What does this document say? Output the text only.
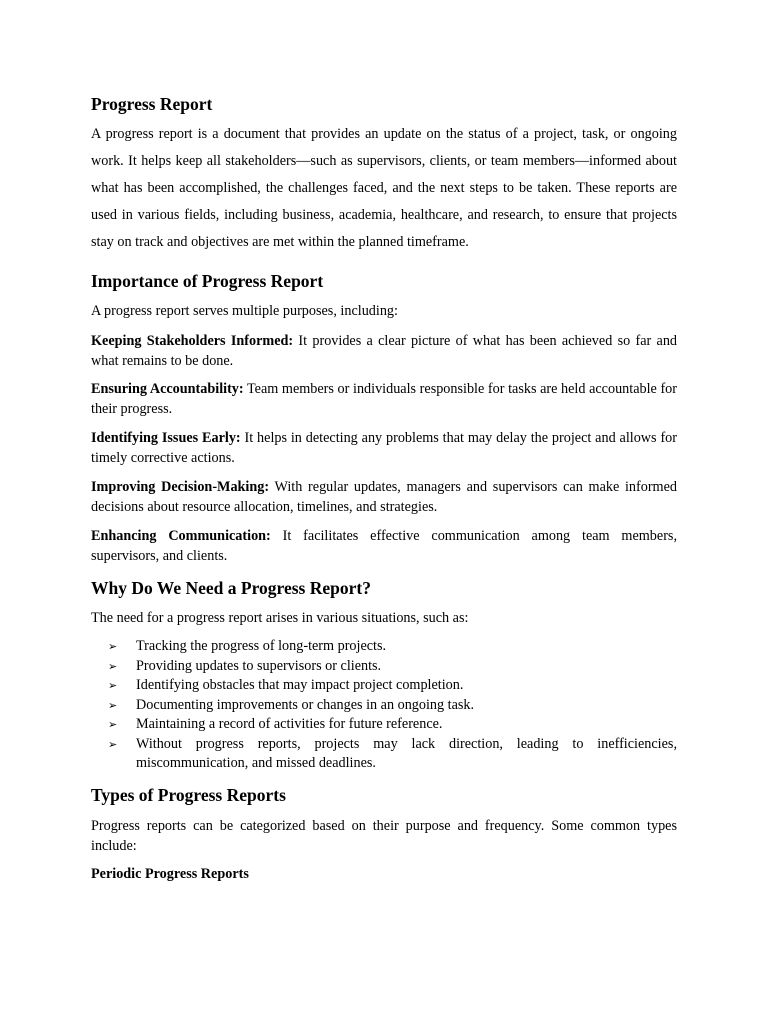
Progress Report

A progress report is a document that provides an update on the status of a project, task, or ongoing work. It helps keep all stakeholders—such as supervisors, clients, or team members—informed about what has been accomplished, the challenges faced, and the next steps to be taken. These reports are used in various fields, including business, academia, healthcare, and research, to ensure that projects stay on track and objectives are met within the planned timeframe.

Importance of Progress Report

A progress report serves multiple purposes, including:

Keeping Stakeholders Informed: It provides a clear picture of what has been achieved so far and what remains to be done.

Ensuring Accountability: Team members or individuals responsible for tasks are held accountable for their progress.

Identifying Issues Early: It helps in detecting any problems that may delay the project and allows for timely corrective actions.

Improving Decision-Making: With regular updates, managers and supervisors can make informed decisions about resource allocation, timelines, and strategies.

Enhancing Communication: It facilitates effective communication among team members, supervisors, and clients.

Why Do We Need a Progress Report?

The need for a progress report arises in various situations, such as:

➢ Tracking the progress of long-term projects.
➢ Providing updates to supervisors or clients.
➢ Identifying obstacles that may impact project completion.
➢ Documenting improvements or changes in an ongoing task.
➢ Maintaining a record of activities for future reference.
➢ Without progress reports, projects may lack direction, leading to inefficiencies, miscommunication, and missed deadlines.
Types of Progress Reports

Progress reports can be categorized based on their purpose and frequency. Some common types include:

Periodic Progress Reports
